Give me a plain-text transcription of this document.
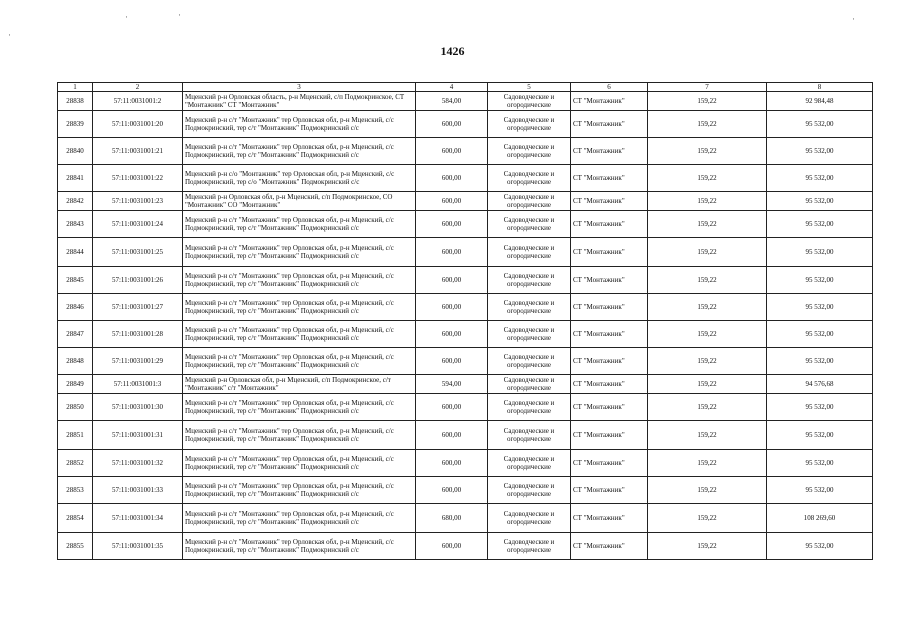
·
·	·	·
1426
1	2	3	4	5	6	7	8
28838	57:11:0031001:2	Мценский р-н Орловская область, р-н Мценский, с/п Подмокринское, СТ "Монтажник" СТ "Монтажник"	584,00	Садоводческие и огородические	СТ "Монтажник"	159,22	92 984,48
28839	57:11:0031001:20	Мценский р-н с/т "Монтажник" тер Орловская обл, р-н Мценский, с/с Подмокринский, тер с/т "Монтажник" Подмокринский с/с	600,00	Садоводческие и огородические	СТ "Монтажник"	159,22	95 532,00
28840	57:11:0031001:21	Мценский р-н с/т "Монтажник" тер Орловская обл, р-н Мценский, с/с Подмокринский, тер с/т "Монтажник" Подмокринский с/с	600,00	Садоводческие и огородические	СТ "Монтажник"	159,22	95 532,00
28841	57:11:0031001:22	Мценский р-н с/о "Монтажник" тер Орловская обл, р-н Мценский, с/с Подмокринский, тер с/о "Монтажник" Подмокринский с/с	600,00	Садоводческие и огородические	СТ "Монтажник"	159,22	95 532,00
28842	57:11:0031001:23	Мценский р-н Орловская обл, р-н Мценский, с/п Подмокринское, СО "Монтажник" СО "Монтажник"	600,00	Садоводческие и огородические	СТ "Монтажник"	159,22	95 532,00
28843	57:11:0031001:24	Мценский р-н с/т "Монтажник" тер Орловская обл, р-н Мценский, с/с Подмокринский, тер с/т "Монтажник" Подмокринский с/с	600,00	Садоводческие и огородические	СТ "Монтажник"	159,22	95 532,00
28844	57:11:0031001:25	Мценский р-н с/т "Монтажник" тер Орловская обл, р-н Мценский, с/с Подмокринский, тер с/т "Монтажник" Подмокринский с/с	600,00	Садоводческие и огородические	СТ "Монтажник"	159,22	95 532,00
28845	57:11:0031001:26	Мценский р-н с/т "Монтажник" тер Орловская обл, р-н Мценский, с/с Подмокринский, тер с/т "Монтажник" Подмокринский с/с	600,00	Садоводческие и огородические	СТ "Монтажник"	159,22	95 532,00
28846	57:11:0031001:27	Мценский р-н с/т "Монтажник" тер Орловская обл, р-н Мценский, с/с Подмокринский, тер с/т "Монтажник" Подмокринский с/с	600,00	Садоводческие и огородические	СТ "Монтажник"	159,22	95 532,00
28847	57:11:0031001:28	Мценский р-н с/т "Монтажник" тер Орловская обл, р-н Мценский, с/с Подмокринский, тер с/т "Монтажник" Подмокринский с/с	600,00	Садоводческие и огородические	СТ "Монтажник"	159,22	95 532,00
28848	57:11:0031001:29	Мценский р-н с/т "Монтажник" тер Орловская обл, р-н Мценский, с/с Подмокринский, тер с/т "Монтажник" Подмокринский с/с	600,00	Садоводческие и огородические	СТ "Монтажник"	159,22	95 532,00
28849	57:11:0031001:3	Мценский р-н Орловская обл, р-н Мценский, с/п Подмокринское, с/т "Монтажник" с/т "Монтажник"	594,00	Садоводческие и огородические	СТ "Монтажник"	159,22	94 576,68
28850	57:11:0031001:30	Мценский р-н с/т "Монтажник" тер Орловская обл, р-н Мценский, с/с Подмокринский, тер с/т "Монтажник" Подмокринский с/с	600,00	Садоводческие и огородические	СТ "Монтажник"	159,22	95 532,00
28851	57:11:0031001:31	Мценский р-н с/т "Монтажник" тер Орловская обл, р-н Мценский, с/с Подмокринский, тер с/т "Монтажник" Подмокринский с/с	600,00	Садоводческие и огородические	СТ "Монтажник"	159,22	95 532,00
28852	57:11:0031001:32	Мценский р-н с/т "Монтажник" тер Орловская обл, р-н Мценский, с/с Подмокринский, тер с/т "Монтажник" Подмокринский с/с	600,00	Садоводческие и огородические	СТ "Монтажник"	159,22	95 532,00
28853	57:11:0031001:33	Мценский р-н с/т "Монтажник" тер Орловская обл, р-н Мценский, с/с Подмокринский, тер с/т "Монтажник" Подмокринский с/с	600,00	Садоводческие и огородические	СТ "Монтажник"	159,22	95 532,00
28854	57:11:0031001:34	Мценский р-н с/т "Монтажник" тер Орловская обл, р-н Мценский, с/с Подмокринский, тер с/т "Монтажник" Подмокринский с/с	680,00	Садоводческие и огородические	СТ "Монтажник"	159,22	108 269,60
28855	57:11:0031001:35	Мценский р-н с/т "Монтажник" тер Орловская обл, р-н Мценский, с/с Подмокринский, тер с/т "Монтажник" Подмокринский с/с	600,00	Садоводческие и огородические	СТ "Монтажник"	159,22	95 532,00
